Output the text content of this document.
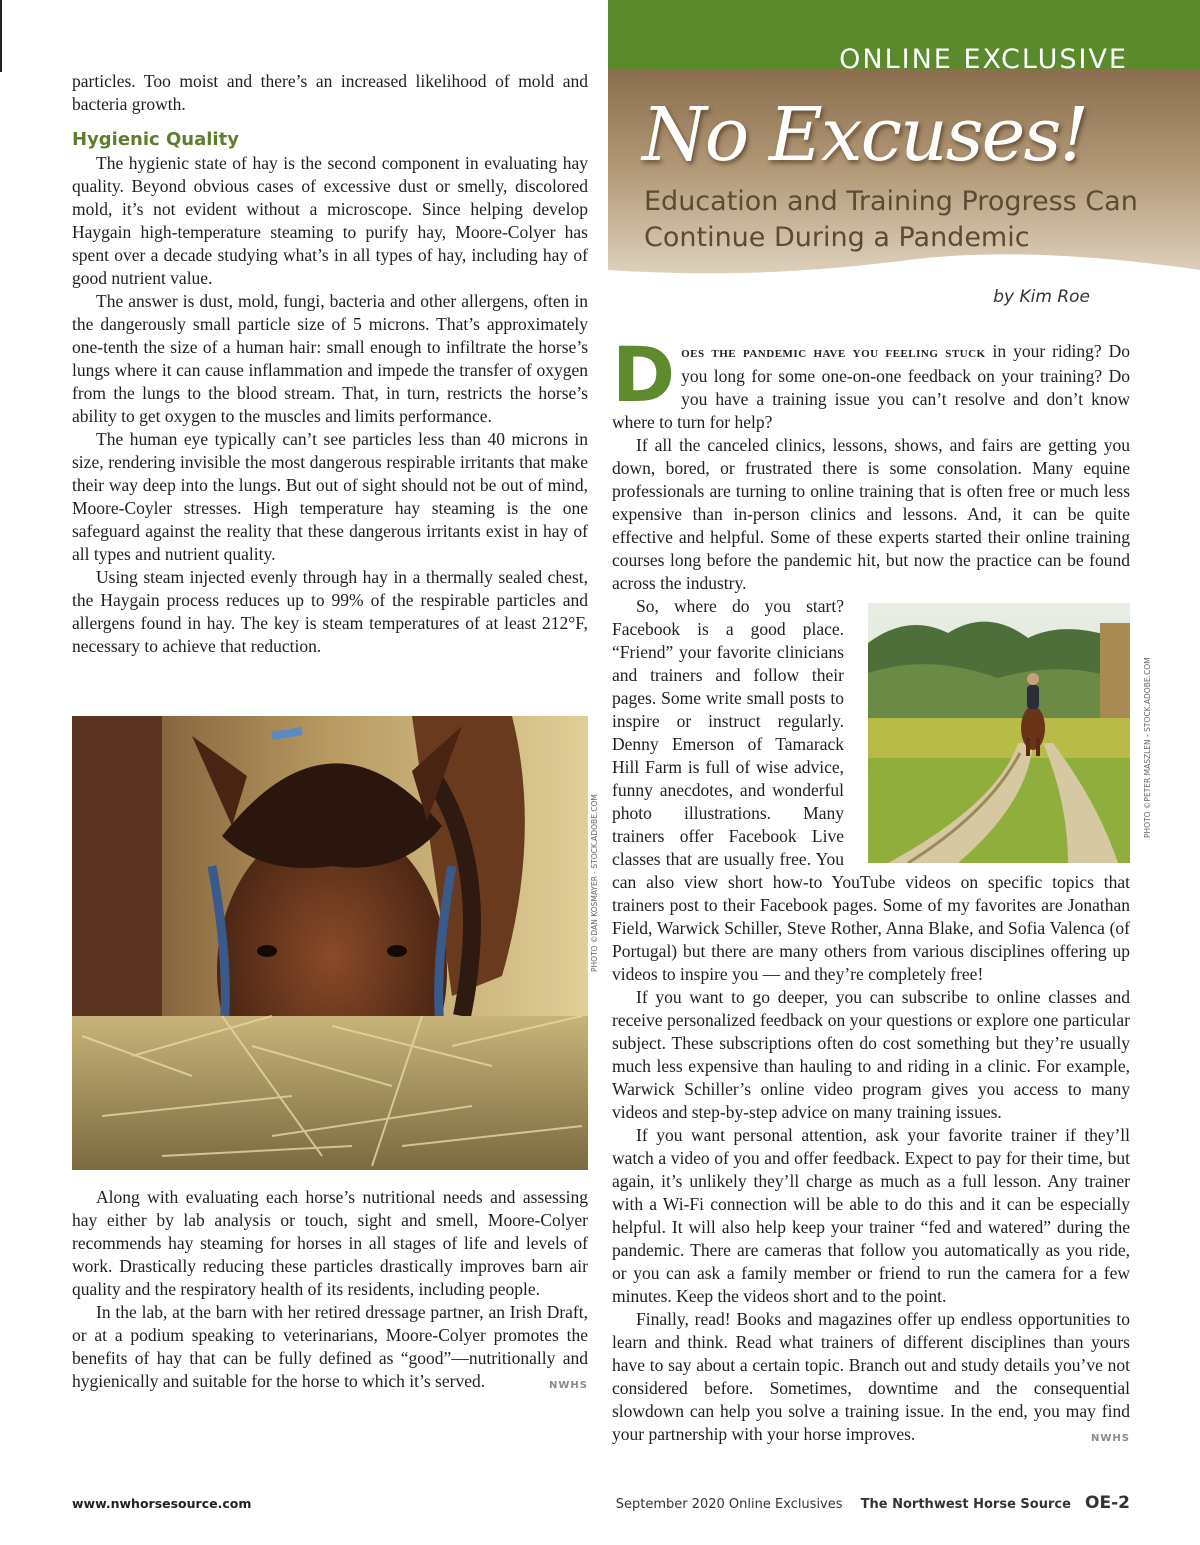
particles. Too moist and there’s an increased likelihood of mold and bacteria growth.

Hygienic Quality

The hygienic state of hay is the second component in evaluating hay quality. Beyond obvious cases of excessive dust or smelly, discolored mold, it’s not evident without a microscope. Since helping develop Haygain high-temperature steaming to purify hay, Moore-Colyer has spent over a decade studying what’s in all types of hay, including hay of good nutrient value.

The answer is dust, mold, fungi, bacteria and other allergens, often in the dangerously small particle size of 5 microns. That’s approximately one-tenth the size of a human hair: small enough to infiltrate the horse’s lungs where it can cause inflammation and impede the transfer of oxygen from the lungs to the blood stream. That, in turn, restricts the horse’s ability to get oxygen to the muscles and limits performance.

The human eye typically can’t see particles less than 40 microns in size, rendering invisible the most dangerous respirable irritants that make their way deep into the lungs. But out of sight should not be out of mind, Moore-Coyler stresses. High temperature hay steaming is the one safeguard against the reality that these dangerous irritants exist in hay of all types and nutrient quality.

Using steam injected evenly through hay in a thermally sealed chest, the Haygain process reduces up to 99% of the respirable particles and allergens found in hay. The key is steam temperatures of at least 212°F, necessary to achieve that reduction.

PHOTO ©DAN KOSMAYER - STOCK.ADOBE.COM

Along with evaluating each horse’s nutritional needs and assessing hay either by lab analysis or touch, sight and smell, Moore-Colyer recommends hay steaming for horses in all stages of life and levels of work. Drastically reducing these particles drastically improves barn air quality and the respiratory health of its residents, including people.

In the lab, at the barn with her retired dressage partner, an Irish Draft, or at a podium speaking to veterinarians, Moore-Colyer promotes the benefits of hay that can be fully defined as “good”—nutritionally and hygienically and suitable for the horse to which it’s served.	NWHS

ONLINE EXCLUSIVE
No Excuses!
Education and Training Progress Can Continue During a Pandemic
by Kim Roe

Does the pandemic have you feeling stuck in your riding? Do you long for some one-on-one feedback on your training? Do you have a training issue you can’t resolve and don’t know where to turn for help?

If all the canceled clinics, lessons, shows, and fairs are getting you down, bored, or frustrated there is some consolation. Many equine professionals are turning to online training that is often free or much less expensive than in-person clinics and lessons. And, it can be quite effective and helpful. Some of these experts started their online training courses long before the pandemic hit, but now the practice can be found across the industry.

PHOTO ©PETER MASZLEN - STOCK.ADOBE.COM
So, where do you start? Facebook is a good place. “Friend” your favorite clinicians and trainers and follow their pages. Some write small posts to inspire or instruct regularly. Denny Emerson of Tamarack Hill Farm is full of wise advice, funny anecdotes, and wonderful photo illustrations. Many trainers offer Facebook Live classes that are usually free. You can also view short how-to YouTube videos on specific topics that trainers post to their Facebook pages. Some of my favorites are Jonathan Field, Warwick Schiller, Steve Rother, Anna Blake, and Sofia Valenca (of Portugal) but there are many others from various disciplines offering up videos to inspire you — and they’re completely free!

If you want to go deeper, you can subscribe to online classes and receive personalized feedback on your questions or explore one particular subject. These subscriptions often do cost something but they’re usually much less expensive than hauling to and riding in a clinic. For example, Warwick Schiller’s online video program gives you access to many videos and step-by-step advice on many training issues.

If you want personal attention, ask your favorite trainer if they’ll watch a video of you and offer feedback. Expect to pay for their time, but again, it’s unlikely they’ll charge as much as a full lesson. Any trainer with a Wi-Fi connection will be able to do this and it can be especially helpful. It will also help keep your trainer “fed and watered” during the pandemic. There are cameras that follow you automatically as you ride, or you can ask a family member or friend to run the camera for a few minutes. Keep the videos short and to the point.

Finally, read! Books and magazines offer up endless opportunities to learn and think. Read what trainers of different disciplines than yours have to say about a certain topic. Branch out and study details you’ve not considered before. Sometimes, downtime and the consequential slowdown can help you solve a training issue. In the end, you may find your partnership with your horse improves.	NWHS

www.nwhorsesource.com	September 2020 Online Exclusives The Northwest Horse Source OE-2
